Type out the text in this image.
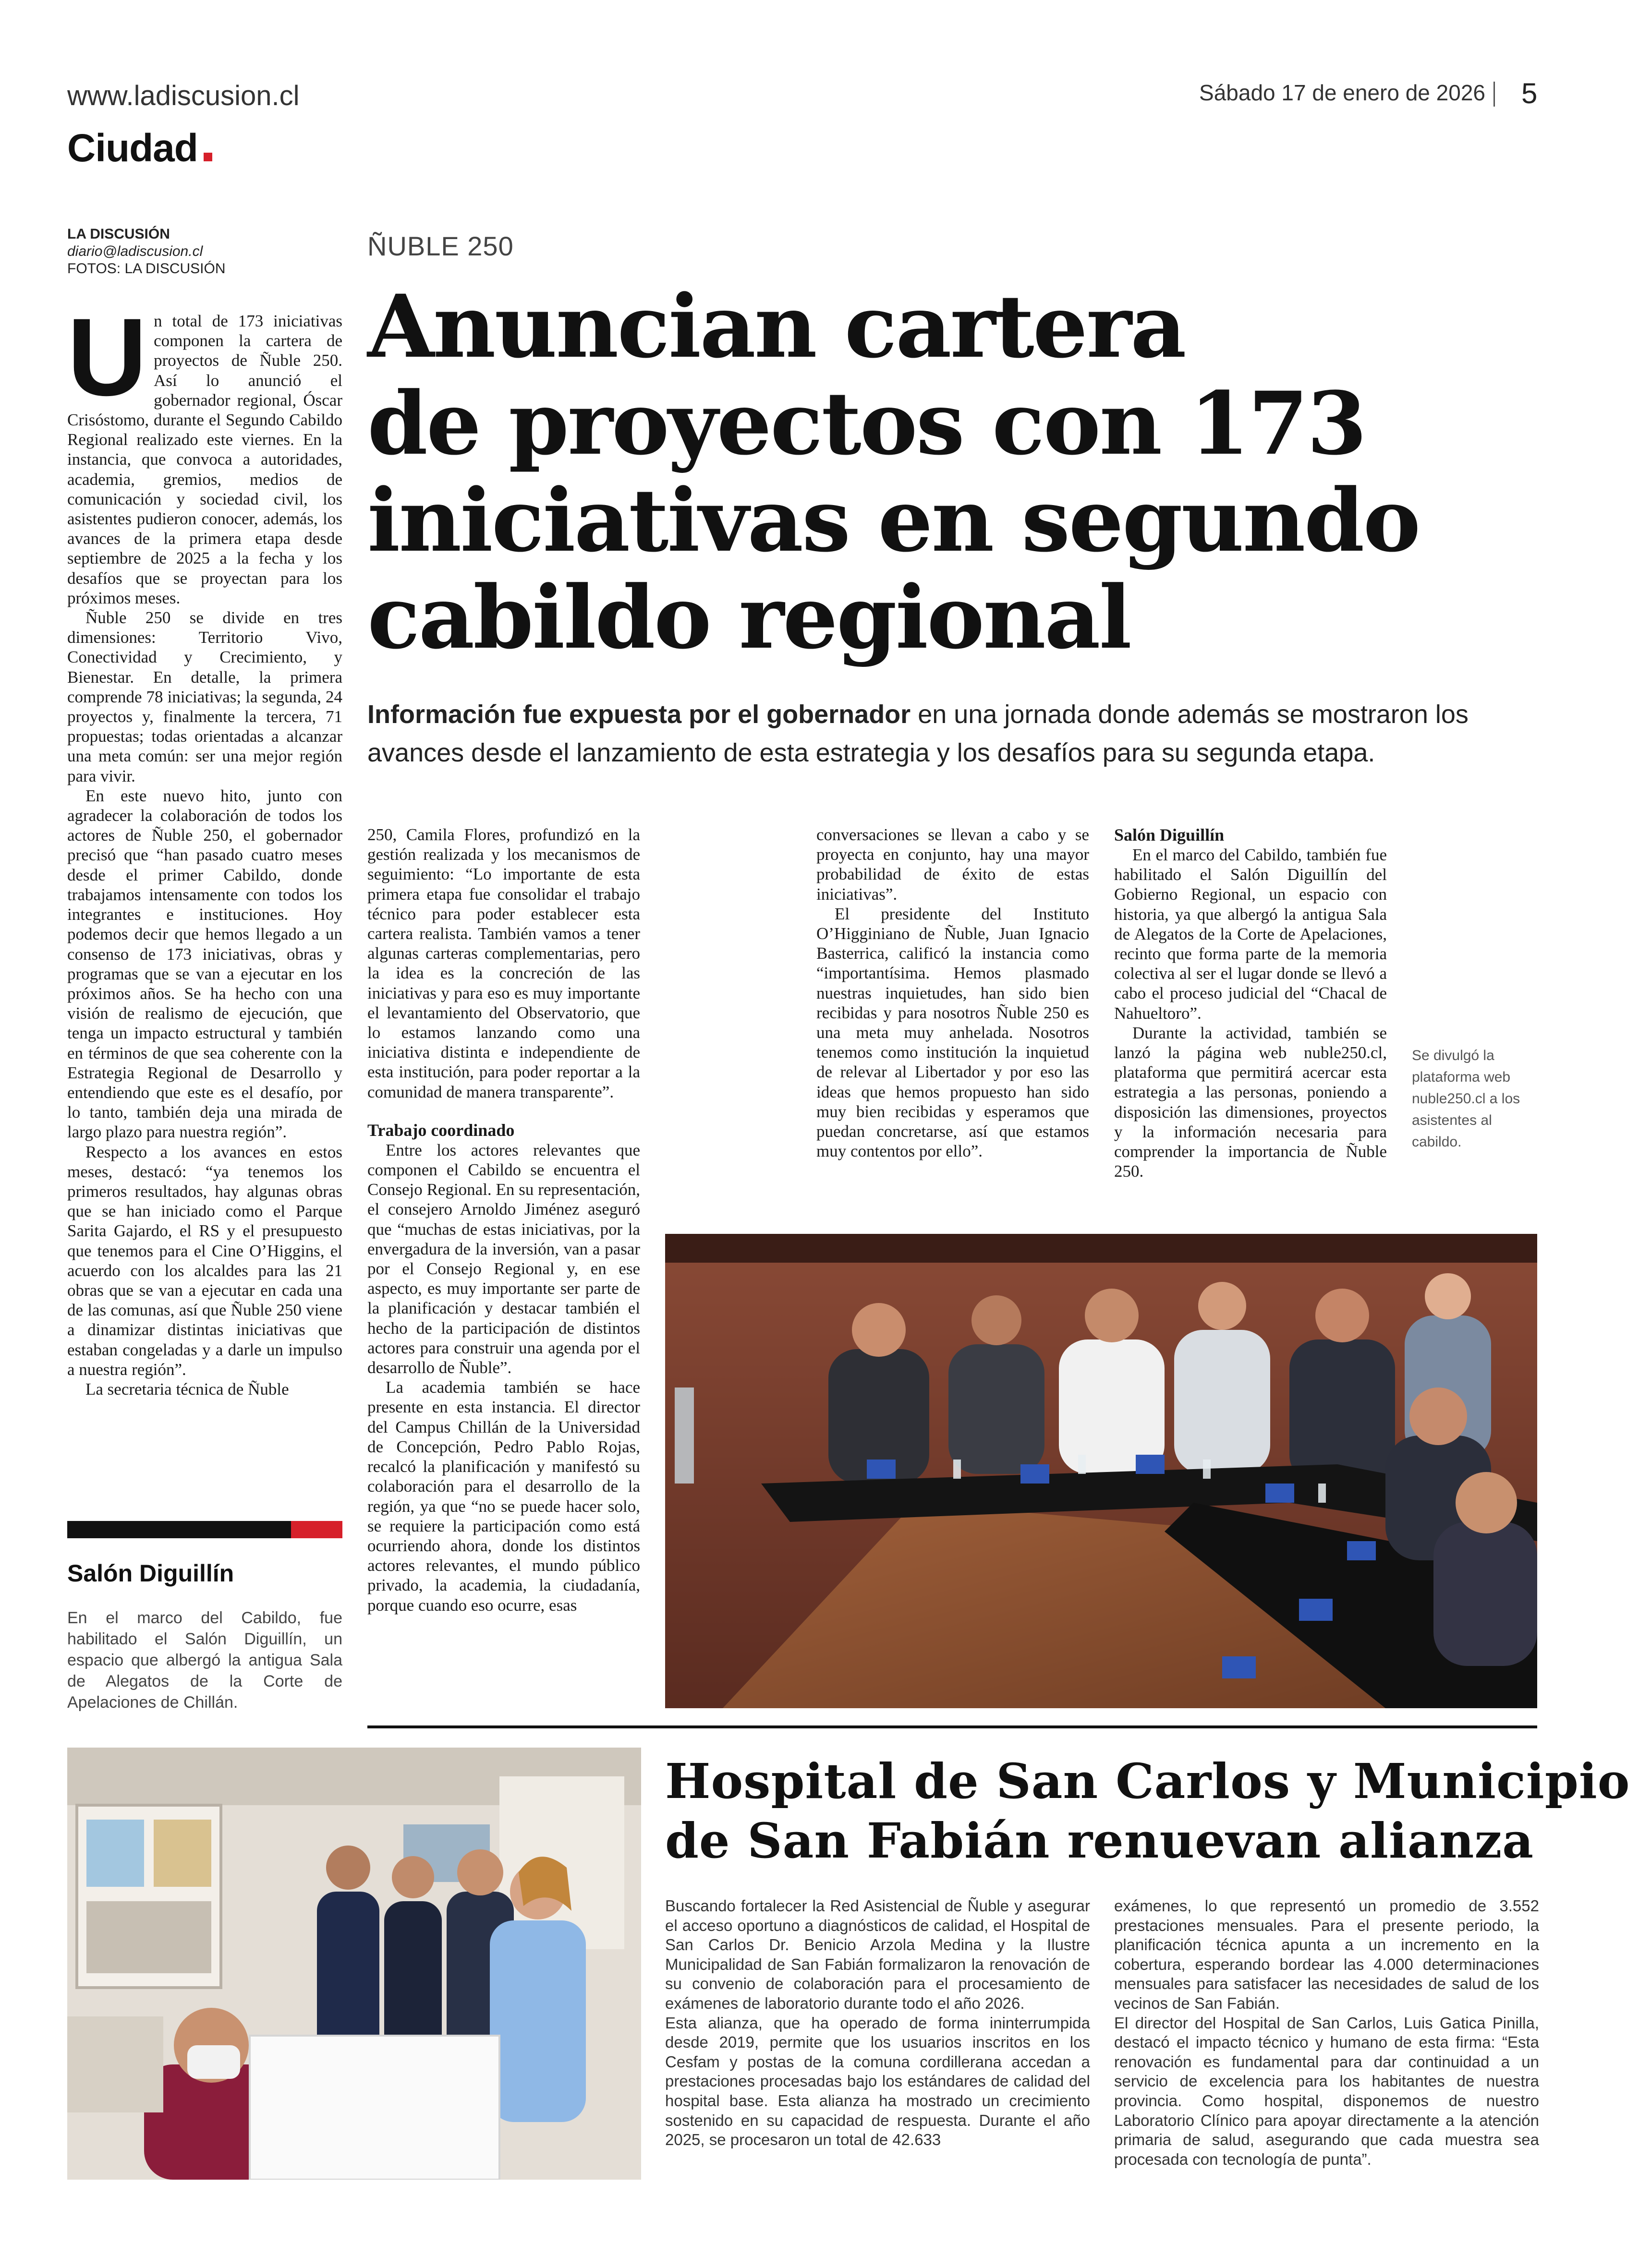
www.ladiscusion.cl
Ciudad
Sábado 17 de enero de 2026 5
LA DISCUSIÓN
diario@ladiscusion.cl
FOTOS: LA DISCUSIÓN
ÑUBLE 250
Anuncian cartera
de proyectos con 173
iniciativas en segundo
cabildo regional
Información fue expuesta por el gobernador en una jornada donde además se mostraron los avances desde el lanzamiento de esta estrategia y los desafíos para su segunda etapa.
U n total de 173 iniciativas componen la cartera de proyectos de Ñuble 250. Así lo anunció el gobernador regional, Óscar Crisóstomo, durante el Segundo Cabildo Regional realizado este viernes. En la instancia, que convoca a autoridades, academia, gremios, medios de comunicación y sociedad civil, los asistentes pudieron conocer, además, los avances de la primera etapa desde septiembre de 2025 a la fecha y los desafíos que se proyectan para los próximos meses.

Ñuble 250 se divide en tres dimensiones: Territorio Vivo, Conectividad y Crecimiento, y Bienestar. En detalle, la primera comprende 78 iniciativas; la segunda, 24 proyectos y, finalmente la tercera, 71 propuestas; todas orientadas a alcanzar una meta común: ser una mejor región para vivir.

En este nuevo hito, junto con agradecer la colaboración de todos los actores de Ñuble 250, el gobernador precisó que “han pasado cuatro meses desde el primer Cabildo, donde trabajamos intensamente con todos los integrantes e instituciones. Hoy podemos decir que hemos llegado a un consenso de 173 iniciativas, obras y programas que se van a ejecutar en los próximos años. Se ha hecho con una visión de realismo de ejecución, que tenga un impacto estructural y también en términos de que sea coherente con la Estrategia Regional de Desarrollo y entendiendo que este es el desafío, por lo tanto, también deja una mirada de largo plazo para nuestra región”.

Respecto a los avances en estos meses, destacó: “ya tenemos los primeros resultados, hay algunas obras que se han iniciado como el Parque Sarita Gajardo, el RS y el presupuesto que tenemos para el Cine O’Higgins, el acuerdo con los alcaldes para las 21 obras que se van a ejecutar en cada una de las comunas, así que Ñuble 250 viene a dinamizar distintas iniciativas que estaban congeladas y a darle un impulso a nuestra región”.

La secretaria técnica de Ñuble

250, Camila Flores, profundizó en la gestión realizada y los mecanismos de seguimiento: “Lo importante de esta primera etapa fue consolidar el trabajo técnico para poder establecer esta cartera realista. También vamos a tener algunas carteras complementarias, pero la idea es la concreción de las iniciativas y para eso es muy importante el levantamiento del Observatorio, que lo estamos lanzando como una iniciativa distinta e independiente de esta institución, para poder reportar a la comunidad de manera transparente”.

Trabajo coordinado

Entre los actores relevantes que componen el Cabildo se encuentra el Consejo Regional. En su representación, el consejero Arnoldo Jiménez aseguró que “muchas de estas iniciativas, por la envergadura de la inversión, van a pasar por el Consejo Regional y, en ese aspecto, es muy importante ser parte de la planificación y destacar también el hecho de la participación de distintos actores para construir una agenda por el desarrollo de Ñuble”.

La academia también se hace presente en esta instancia. El director del Campus Chillán de la Universidad de Concepción, Pedro Pablo Rojas, recalcó la planificación y manifestó su colaboración para el desarrollo de la región, ya que “no se puede hacer solo, se requiere la participación como está ocurriendo ahora, donde los distintos actores relevantes, el mundo público privado, la academia, la ciudadanía, porque cuando eso ocurre, esas

conversaciones se llevan a cabo y se proyecta en conjunto, hay una mayor probabilidad de éxito de estas iniciativas”.

El presidente del Instituto O’Higginiano de Ñuble, Juan Ignacio Basterrica, calificó la instancia como “importantísima. Hemos plasmado nuestras inquietudes, han sido bien recibidas y para nosotros Ñuble 250 es una meta muy anhelada. Nosotros tenemos como institución la inquietud de relevar al Libertador y por eso las ideas que hemos propuesto han sido muy bien recibidas y esperamos que puedan concretarse, así que estamos muy contentos por ello”.

Salón Diguillín

En el marco del Cabildo, también fue habilitado el Salón Diguillín del Gobierno Regional, un espacio con historia, ya que albergó la antigua Sala de Alegatos de la Corte de Apelaciones, recinto que forma parte de la memoria colectiva al ser el lugar donde se llevó a cabo el proceso judicial del “Chacal de Nahueltoro”.

Durante la actividad, también se lanzó la página web nuble250.cl, plataforma que permitirá acercar esta estrategia a las personas, poniendo a disposición las dimensiones, proyectos y la información necesaria para comprender la importancia de Ñuble 250.

Se divulgó la plataforma web nuble250.cl a los asistentes al cabildo.
Salón Diguillín
En el marco del Cabildo, fue habilitado el Salón Diguillín, un espacio que albergó la antigua Sala de Alegatos de la Corte de Apelaciones de Chillán.
Hospital de San Carlos y Municipio
de San Fabián renuevan alianza

Buscando fortalecer la Red Asistencial de Ñuble y asegurar el acceso oportuno a diagnósticos de calidad, el Hospital de San Carlos Dr. Benicio Arzola Medina y la Ilustre Municipalidad de San Fabián formalizaron la renovación de su convenio de colaboración para el procesamiento de exámenes de laboratorio durante todo el año 2026.

Esta alianza, que ha operado de forma ininterrumpida desde 2019, permite que los usuarios inscritos en los Cesfam y postas de la comuna cordillerana accedan a prestaciones procesadas bajo los estándares de calidad del hospital base. Esta alianza ha mostrado un crecimiento sostenido en su capacidad de respuesta. Durante el año 2025, se procesaron un total de 42.633

exámenes, lo que representó un promedio de 3.552 prestaciones mensuales. Para el presente periodo, la planificación técnica apunta a un incremento en la cobertura, esperando bordear las 4.000 determinaciones mensuales para satisfacer las necesidades de salud de los vecinos de San Fabián.

El director del Hospital de San Carlos, Luis Gatica Pinilla, destacó el impacto técnico y humano de esta firma: “Esta renovación es fundamental para dar continuidad a un servicio de excelencia para los habitantes de nuestra provincia. Como hospital, disponemos de nuestro Laboratorio Clínico para apoyar directamente a la atención primaria de salud, asegurando que cada muestra sea procesada con tecnología de punta”.
